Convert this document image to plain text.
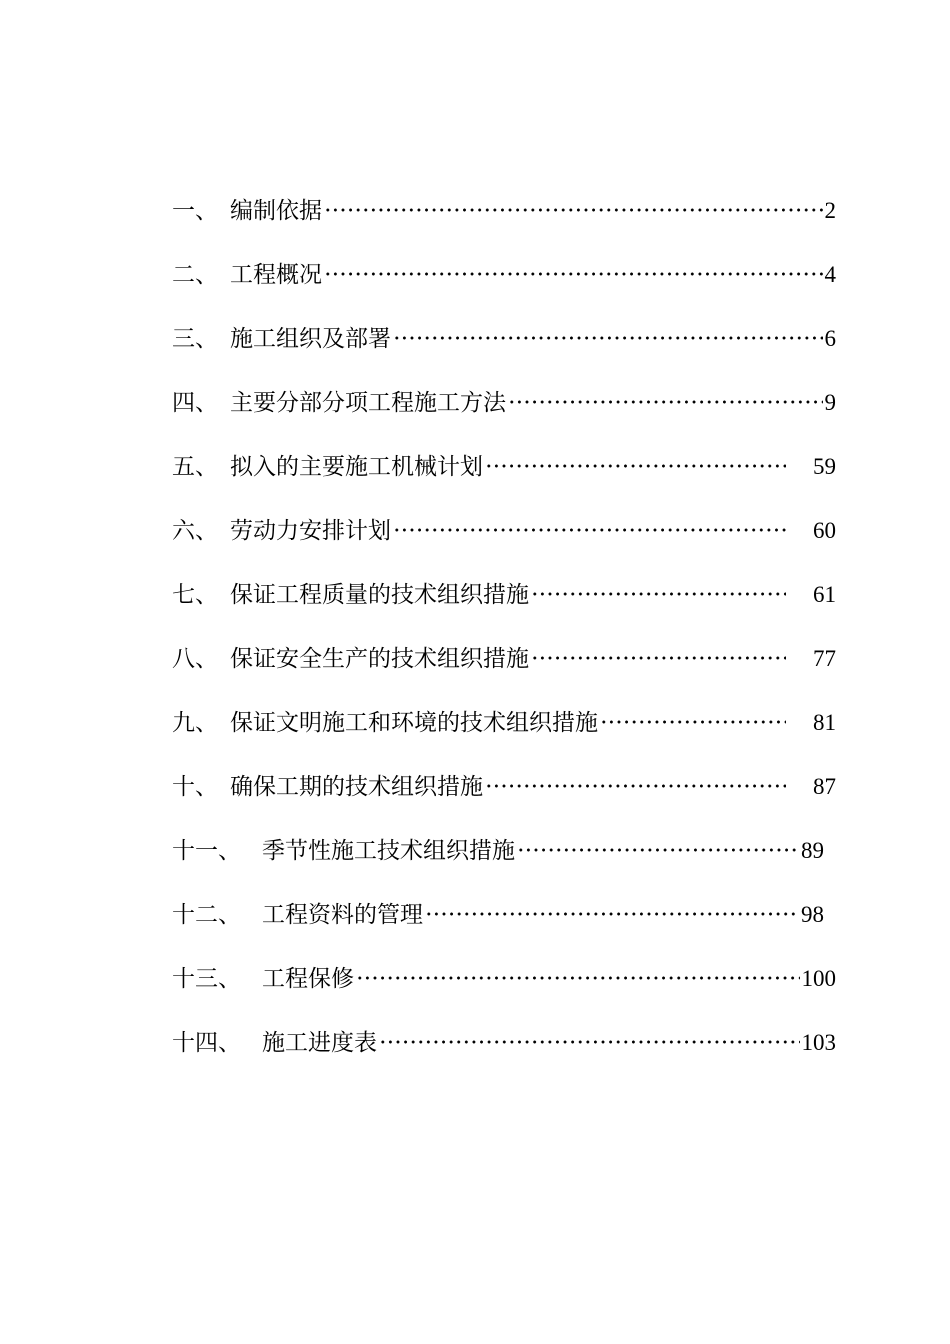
一、 编制依据	2
二、 工程概况	4
三、 施工组织及部署	6
四、 主要分部分项工程施工方法	9
五、 拟入的主要施工机械计划	59
六、 劳动力安排计划	60
七、 保证工程质量的技术组织措施	61
八、 保证安全生产的技术组织措施	77
九、 保证文明施工和环境的技术组织措施	81
十、 确保工期的技术组织措施	87
十一、 季节性施工技术组织措施	89
十二、 工程资料的管理	98
十三、 工程保修	100
十四、 施工进度表	103
